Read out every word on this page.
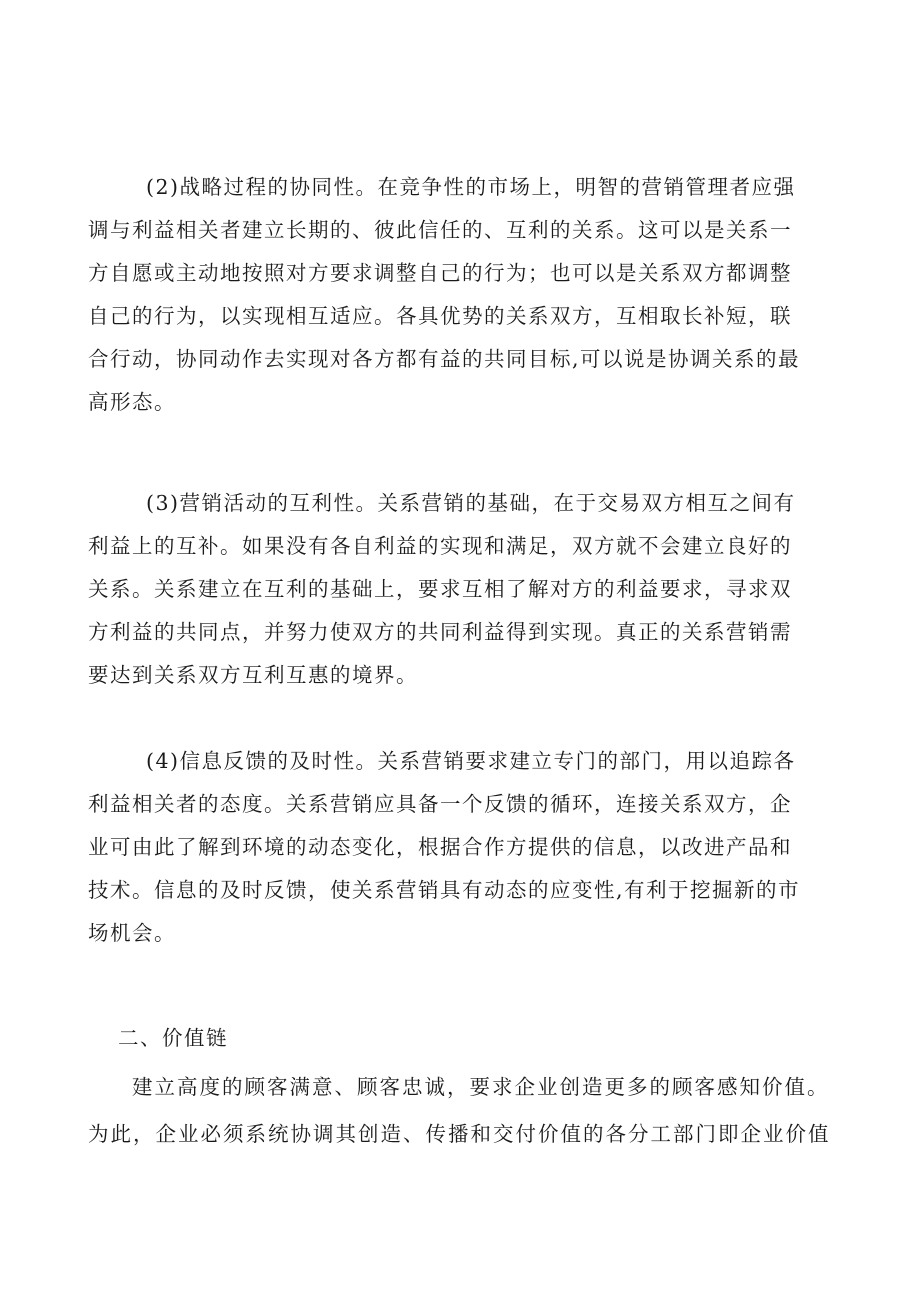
(2)战略过程的协同性。在竞争性的市场上，明智的营销管理者应强
调与利益相关者建立长期的、彼此信任的、互利的关系。这可以是关系一
方自愿或主动地按照对方要求调整自己的行为；也可以是关系双方都调整
自己的行为，以实现相互适应。各具优势的关系双方，互相取长补短，联
合行动，协同动作去实现对各方都有益的共同目标,可以说是协调关系的最
高形态。
(3)营销活动的互利性。关系营销的基础，在于交易双方相互之间有
利益上的互补。如果没有各自利益的实现和满足，双方就不会建立良好的
关系。关系建立在互利的基础上，要求互相了解对方的利益要求，寻求双
方利益的共同点，并努力使双方的共同利益得到实现。真正的关系营销需
要达到关系双方互利互惠的境界。
(4)信息反馈的及时性。关系营销要求建立专门的部门，用以追踪各
利益相关者的态度。关系营销应具备一个反馈的循环，连接关系双方，企
业可由此了解到环境的动态变化，根据合作方提供的信息，以改进产品和
技术。信息的及时反馈，使关系营销具有动态的应变性,有利于挖掘新的市
场机会。
二、价值链
建立高度的顾客满意、顾客忠诚，要求企业创造更多的顾客感知价值。
为此，企业必须系统协调其创造、传播和交付价值的各分工部门即企业价值
